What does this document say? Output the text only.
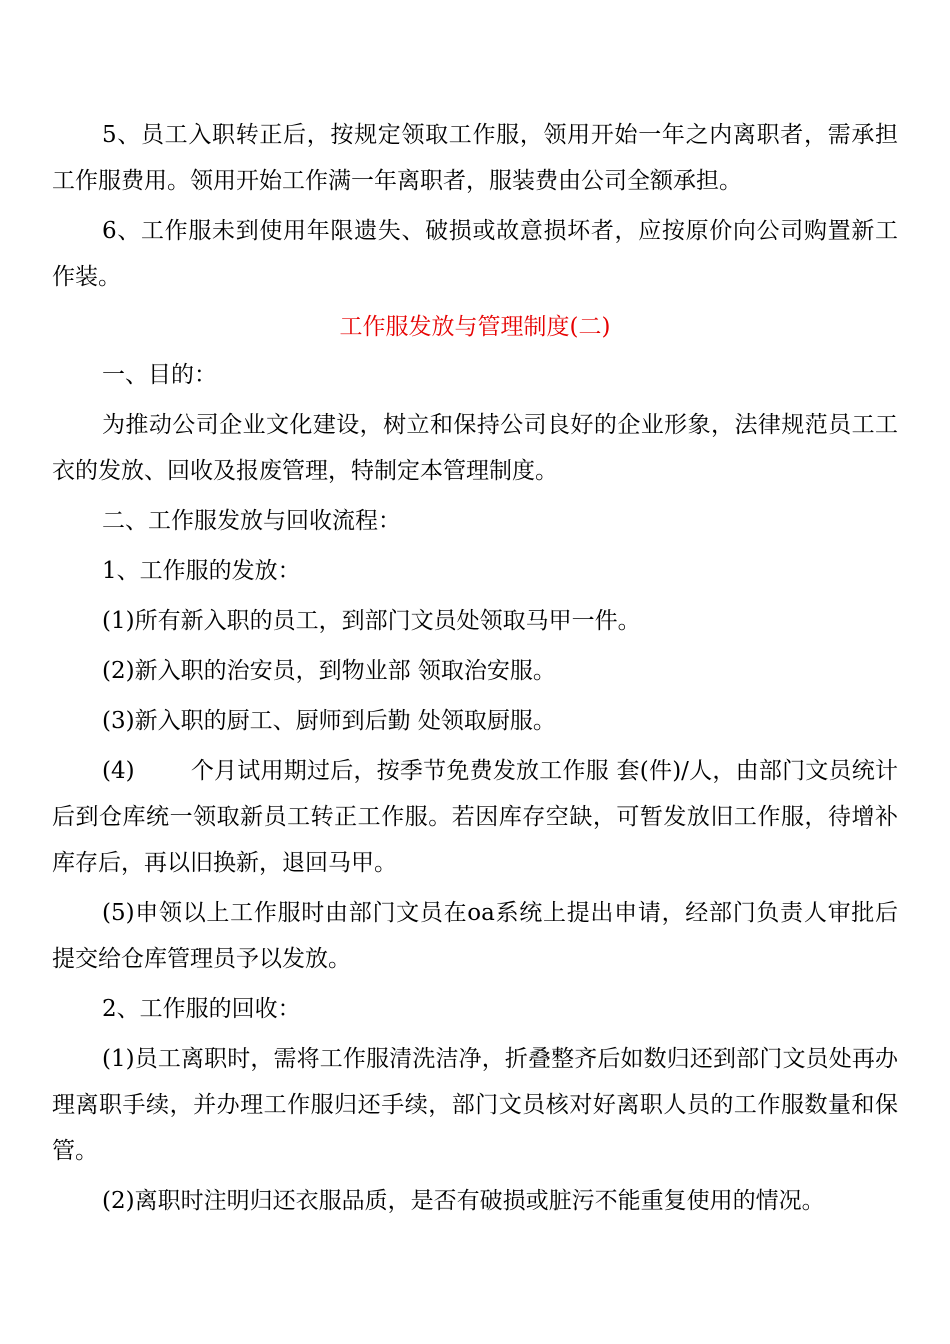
5、员工入职转正后，按规定领取工作服，领用开始一年之内离职者，需承担工作服费用。领用开始工作满一年离职者，服装费由公司全额承担。

6、工作服未到使用年限遗失、破损或故意损坏者，应按原价向公司购置新工作装。

工作服发放与管理制度(二)

一、目的：

为推动公司企业文化建设，树立和保持公司良好的企业形象，法律规范员工工衣的发放、回收及报废管理，特制定本管理制度。

二、工作服发放与回收流程：

1、工作服的发放：

(1)所有新入职的员工，到部门文员处领取马甲一件。

(2)新入职的治安员，到物业部 领取治安服。

(3)新入职的厨工、厨师到后勤 处领取厨服。

(4) 个月试用期过后，按季节免费发放工作服 套(件)/人，由部门文员统计后到仓库统一领取新员工转正工作服。若因库存空缺，可暂发放旧工作服，待增补库存后，再以旧换新，退回马甲。

(5)申领以上工作服时由部门文员在oa系统上提出申请，经部门负责人审批后提交给仓库管理员予以发放。

2、工作服的回收：

(1)员工离职时，需将工作服清洗洁净，折叠整齐后如数归还到部门文员处再办理离职手续，并办理工作服归还手续，部门文员核对好离职人员的工作服数量和保管。

(2)离职时注明归还衣服品质，是否有破损或脏污不能重复使用的情况。
